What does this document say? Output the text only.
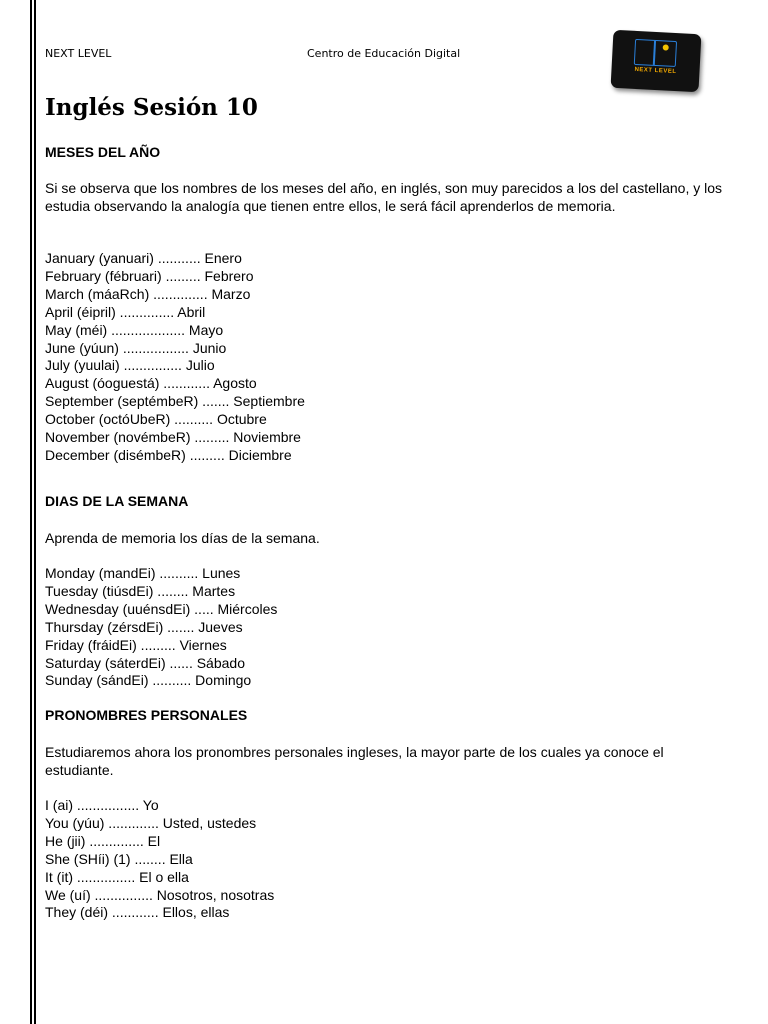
NEXT LEVEL	Centro de Educación Digital
NEXT LEVEL
Inglés Sesión 10
MESES DEL AÑO
Si se observa que los nombres de los meses del año, en inglés, son muy parecidos a los del castellano, y los estudia observando la analogía que tienen entre ellos, le será fácil aprenderlos de memoria.
January (yanuari) ........... Enero
February (fébruari) ......... Febrero
March (máaRch) .............. Marzo
April (éipril) .............. Abril
May (méi) ................... Mayo
June (yúun) ................. Junio
July (yuulai) ............... Julio
August (óoguestá) ............ Agosto
September (septémbeR) ....... Septiembre
October (octóUbeR) .......... Octubre
November (novémbeR) ......... Noviembre
December (disémbeR) ......... Diciembre
DIAS DE LA SEMANA
Aprenda de memoria los días de la semana.
Monday (mandEi) .......... Lunes
Tuesday (tiúsdEi) ........ Martes
Wednesday (uuénsdEi) ..... Miércoles
Thursday (zérsdEi) ....... Jueves
Friday (fráidEi) ......... Viernes
Saturday (sáterdEi) ...... Sábado
Sunday (sándEi) .......... Domingo
PRONOMBRES PERSONALES
Estudiaremos ahora los pronombres personales ingleses, la mayor parte de los cuales ya conoce el estudiante.
I (ai) ................ Yo
You (yúu) ............. Usted, ustedes
He (jii) .............. El
She (SHíi) (1) ........ Ella
It (it) ............... El o ella
We (uí) ............... Nosotros, nosotras
They (déi) ............ Ellos, ellas
